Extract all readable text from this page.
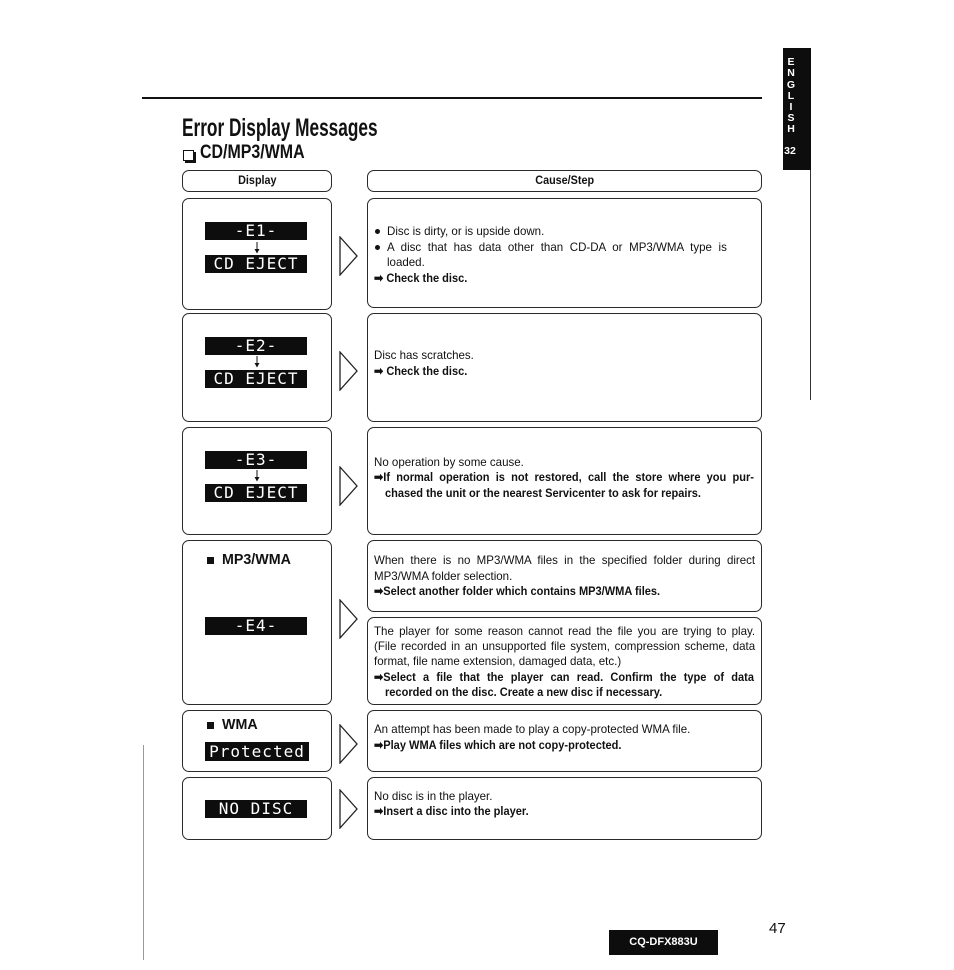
E
N
G
L
I
S
H
32
Error Display Messages
CD/MP3/WMA
Display	Cause/Step
-E1-
CD EJECT
Disc is dirty, or is upside down.
A disc that has data other than CD-DA or MP3/WMA type is
loaded.
➡ Check the disc.
-E2-
CD EJECT
Disc has scratches.
➡ Check the disc.
-E3-
CD EJECT
No operation by some cause.
➡If normal operation is not restored, call the store where you pur-
chased the unit or the nearest Servicenter to ask for repairs.
MP3/WMA
-E4-
When there is no MP3/WMA files in the specified folder during direct
MP3/WMA folder selection.
➡Select another folder which contains MP3/WMA files.
The player for some reason cannot read the file you are trying to play.
(File recorded in an unsupported file system, compression scheme, data
format, file name extension, damaged data, etc.)
➡Select a file that the player can read. Confirm the type of data
recorded on the disc. Create a new disc if necessary.
WMA
Protected
An attempt has been made to play a copy-protected WMA file.
➡Play WMA files which are not copy-protected.
NO DISC
No disc is in the player.
➡Insert a disc into the player.
CQ-DFX883U
47
